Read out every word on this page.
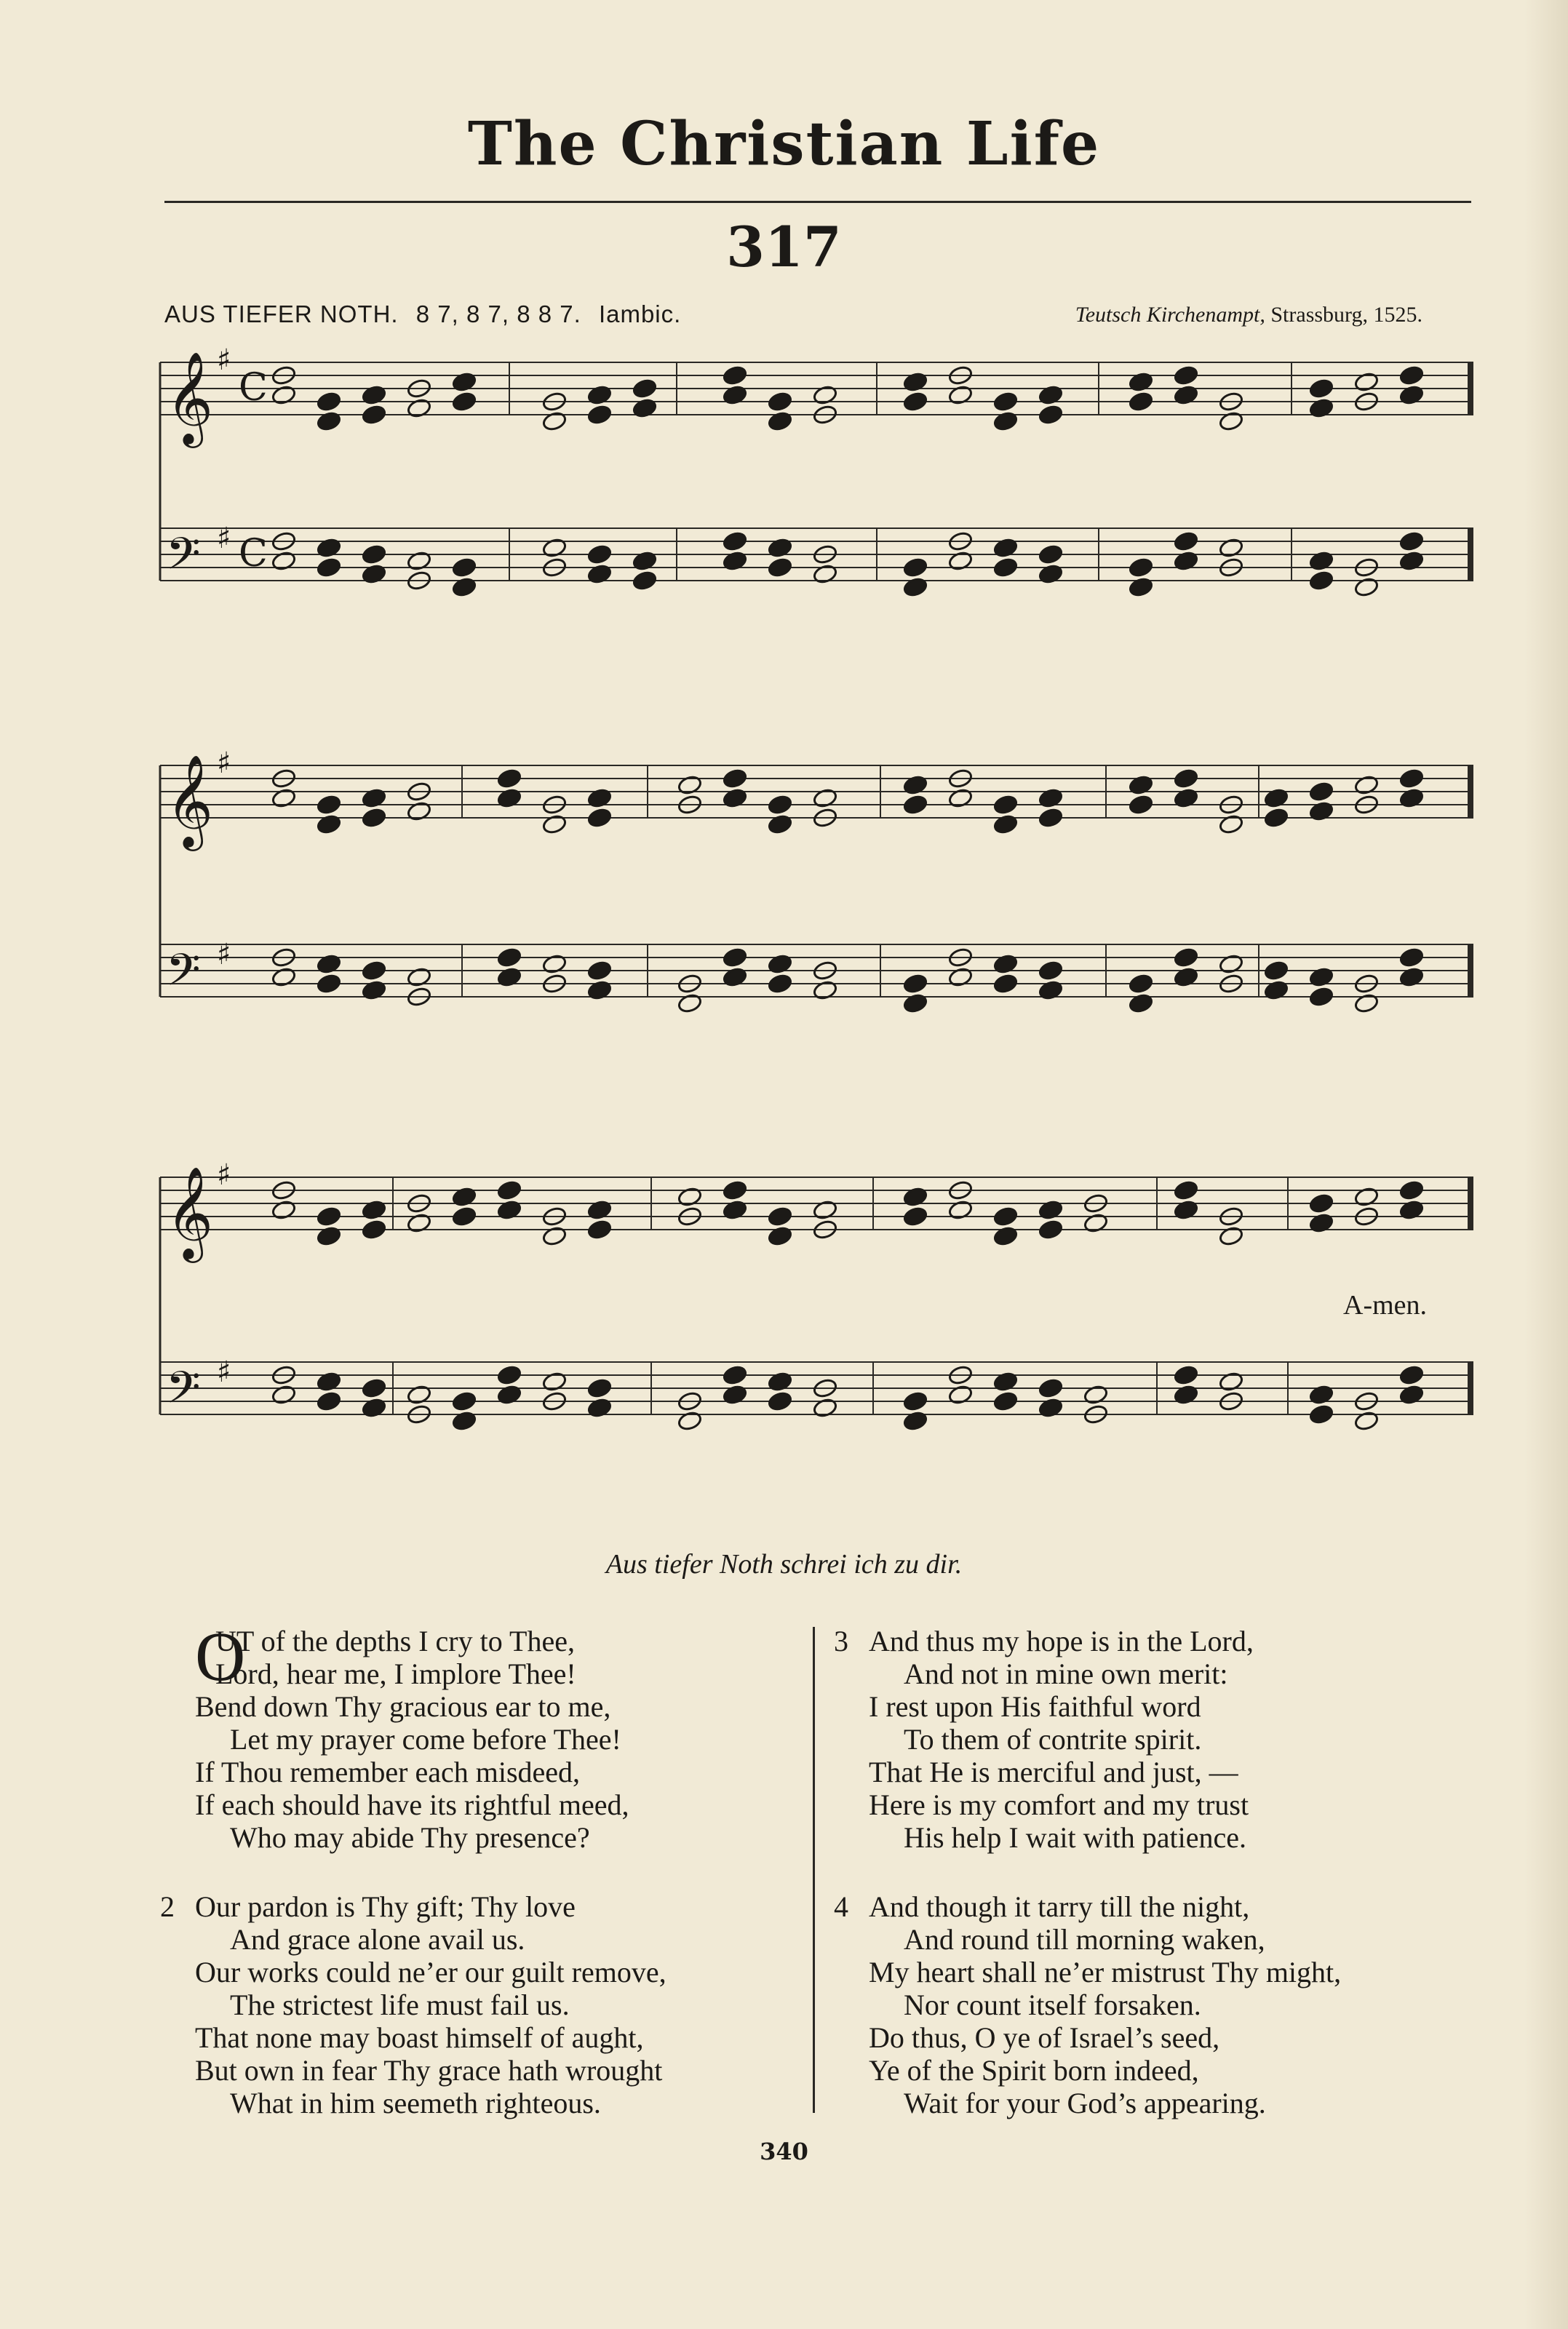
The Christian Life
317
AUS TIEFER NOTH. 8 7, 8 7, 8 8 7. Iambic.	Teutsch Kirchenampt, Strassburg, 1525.
𝄞 ♯
C
𝄢 ♯ C
𝄞 ♯
𝄢 ♯
𝄞 ♯
𝄢 ♯
A-men.
Aus tiefer Noth schrei ich zu dir.
O
UT of the depths I cry to Thee,
Lord, hear me, I implore Thee!
Bend down Thy gracious ear to me,
Let my prayer come before Thee!
If Thou remember each misdeed,
If each should have its rightful meed,
Who may abide Thy presence?
2 Our pardon is Thy gift; Thy love
And grace alone avail us.
Our works could ne’er our guilt remove,
The strictest life must fail us.
That none may boast himself of aught,
But own in fear Thy grace hath wrought
What in him seemeth righteous.
3 And thus my hope is in the Lord,
And not in mine own merit:
I rest upon His faithful word
To them of contrite spirit.
That He is merciful and just, —
Here is my comfort and my trust
His help I wait with patience.
4 And though it tarry till the night,
And round till morning waken,
My heart shall ne’er mistrust Thy might,
Nor count itself forsaken.
Do thus, O ye of Israel’s seed,
Ye of the Spirit born indeed,
Wait for your God’s appearing.
340
